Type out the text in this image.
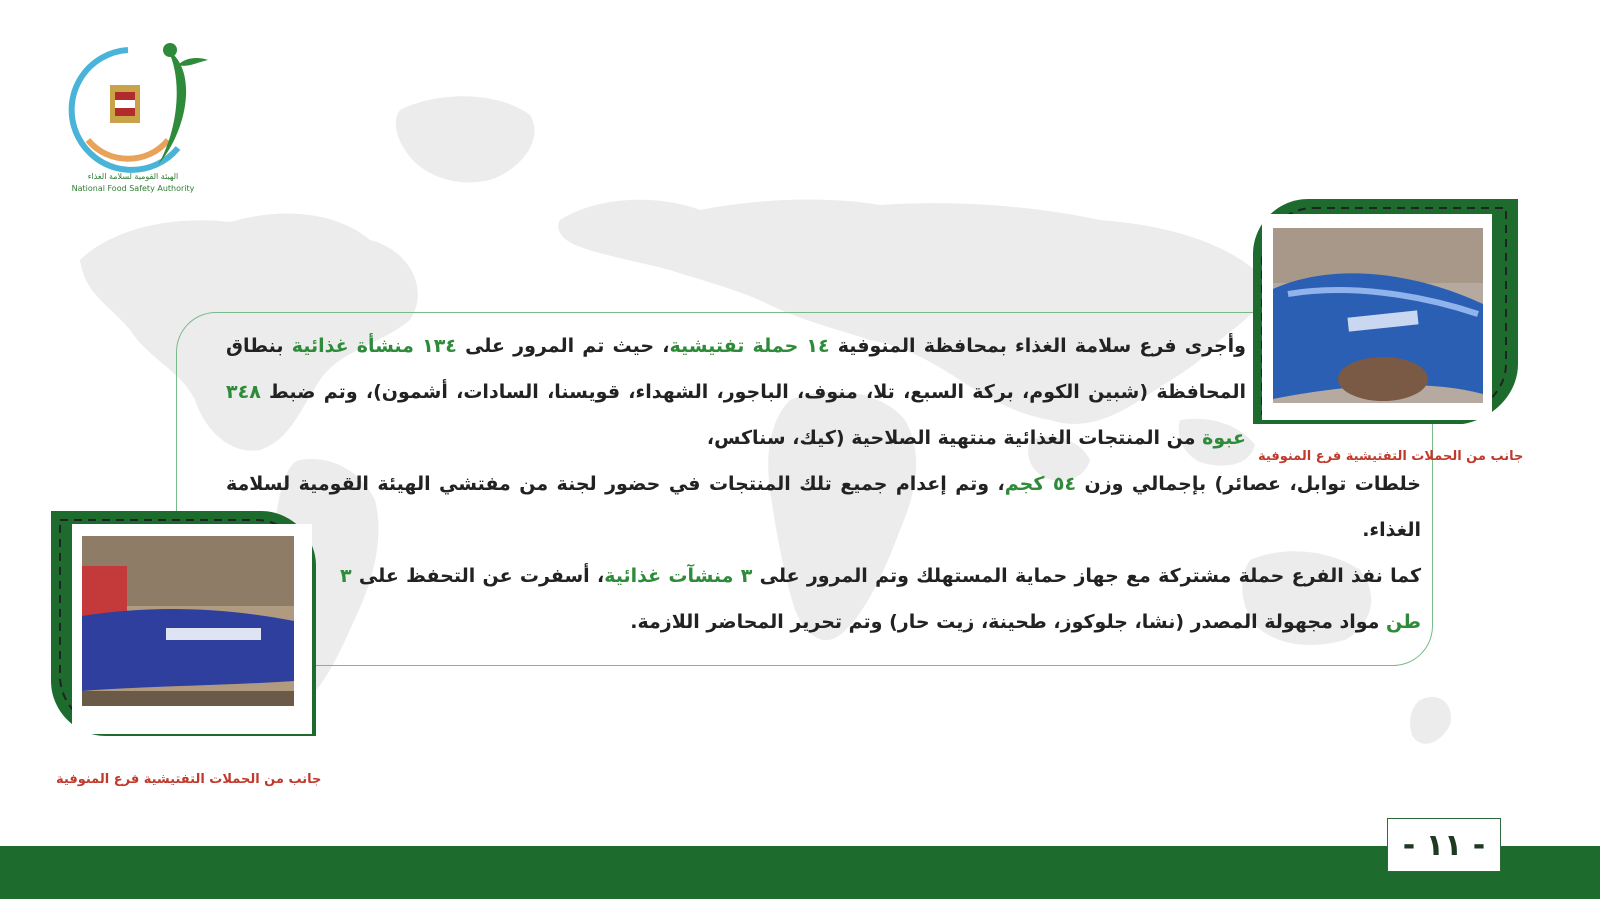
NFSA
الهيئة القومية لسلامة الغذاء
National Food Safety Authority

وأجرى فرع سلامة الغذاء بمحافظة المنوفية ١٤ حملة تفتيشية، حيث تم المرور على ١٣٤ منشأة غذائية بنطاق المحافظة (شبين الكوم، بركة السبع، تلا، منوف، الباجور، الشهداء، قويسنا، السادات، أشمون)، وتم ضبط ٣٤٨ عبوة من المنتجات الغذائية منتهية الصلاحية (كيك، سناكس،

خلطات توابل، عصائر) بإجمالي وزن ٥٤ كجم، وتم إعدام جميع تلك المنتجات في حضور لجنة من مفتشي الهيئة القومية لسلامة الغذاء.

كما نفذ الفرع حملة مشتركة مع جهاز حماية المستهلك وتم المرور على ٣ منشآت غذائية، أسفرت عن التحفظ على ٣ طن مواد مجهولة المصدر (نشا، جلوكوز، طحينة، زيت حار) وتم تحرير المحاضر اللازمة.

جانب من الحملات التفتيشية فرع المنوفية
جانب من الحملات التفتيشية فرع المنوفية
- ١١ -
